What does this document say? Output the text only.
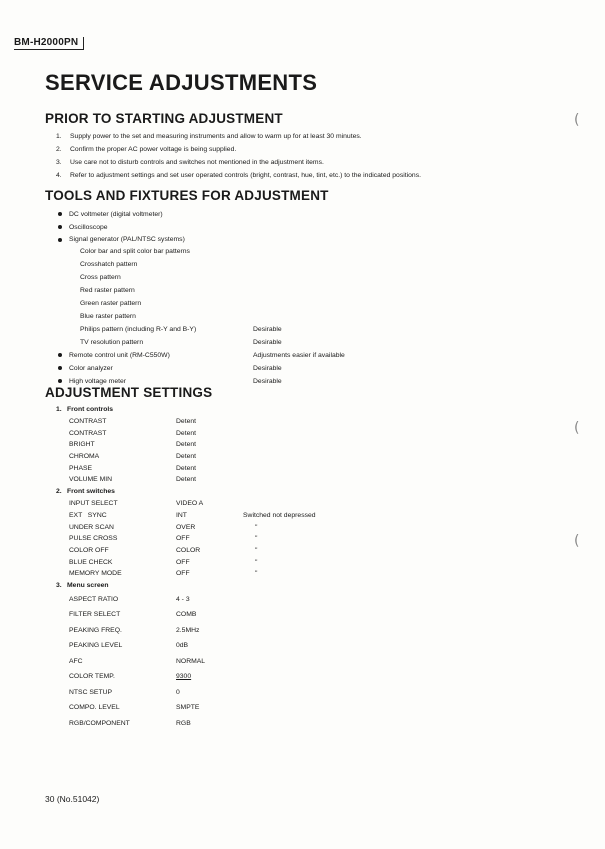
BM-H2000PN
SERVICE ADJUSTMENTS
PRIOR TO STARTING ADJUSTMENT
1. Supply power to the set and measuring instruments and allow to warm up for at least 30 minutes.
2. Confirm the proper AC power voltage is being supplied.
3. Use care not to disturb controls and switches not mentioned in the adjustment items.
4. Refer to adjustment settings and set user operated controls (bright, contrast, hue, tint, etc.) to the indicated positions.
TOOLS AND FIXTURES FOR ADJUSTMENT
DC voltmeter (digital voltmeter)
Oscilloscope
Signal generator (PAL/NTSC systems)
Color bar and split color bar patterns
Crosshatch pattern
Cross pattern
Red raster pattern
Green raster pattern
Blue raster pattern
Philips pattern (including R-Y and B-Y)	Desirable
TV resolution pattern	Desirable
Remote control unit (RM-C550W)	Adjustments easier if available
Color analyzer	Desirable
High voltage meter	Desirable
ADJUSTMENT SETTINGS
1. Front controls
CONTRAST	Detent
CONTRAST	Detent
BRIGHT	Detent
CHROMA	Detent
PHASE	Detent
VOLUME MIN	Detent
2. Front switches
INPUT SELECT	VIDEO A
EXT   SYNC	INT	Switched not depressed
UNDER SCAN	OVER	"
PULSE CROSS	OFF	"
COLOR OFF	COLOR	"
BLUE CHECK	OFF	"
MEMORY MODE	OFF	"
3. Menu screen
ASPECT RATIO	4 - 3
FILTER SELECT	COMB
PEAKING FREQ.	2.5MHz
PEAKING LEVEL	0dB
AFC	NORMAL
COLOR TEMP.	9300
NTSC SETUP	0
COMPO. LEVEL	SMPTE
RGB/COMPONENT	RGB
30 (No.51042)
(
(
(
